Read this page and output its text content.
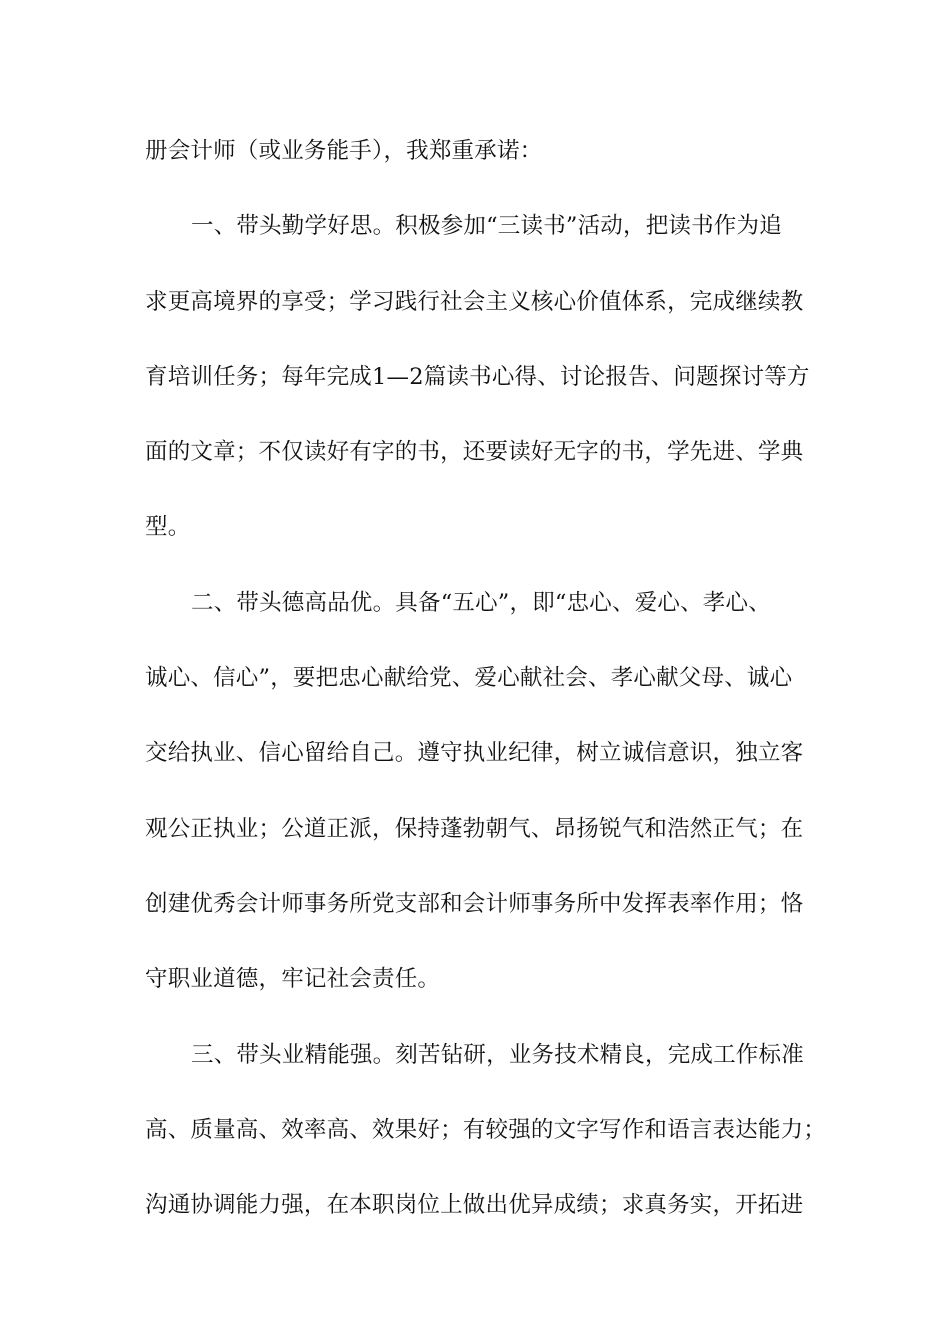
册会计师（或业务能手），我郑重承诺：
一、带头勤学好思。积极参加“三读书”活动，把读书作为追
求更高境界的享受；学习践行社会主义核心价值体系，完成继续教
育培训任务；每年完成1—2篇读书心得、讨论报告、问题探讨等方
面的文章；不仅读好有字的书，还要读好无字的书，学先进、学典
型。
二、带头德高品优。具备“五心”，即“忠心、爱心、孝心、
诚心、信心”，要把忠心献给党、爱心献社会、孝心献父母、诚心
交给执业、信心留给自己。遵守执业纪律，树立诚信意识，独立客
观公正执业；公道正派，保持蓬勃朝气、昂扬锐气和浩然正气；在
创建优秀会计师事务所党支部和会计师事务所中发挥表率作用；恪
守职业道德，牢记社会责任。
三、带头业精能强。刻苦钻研，业务技术精良，完成工作标准
高、质量高、效率高、效果好；有较强的文字写作和语言表达能力；
沟通协调能力强，在本职岗位上做出优异成绩；求真务实，开拓进
